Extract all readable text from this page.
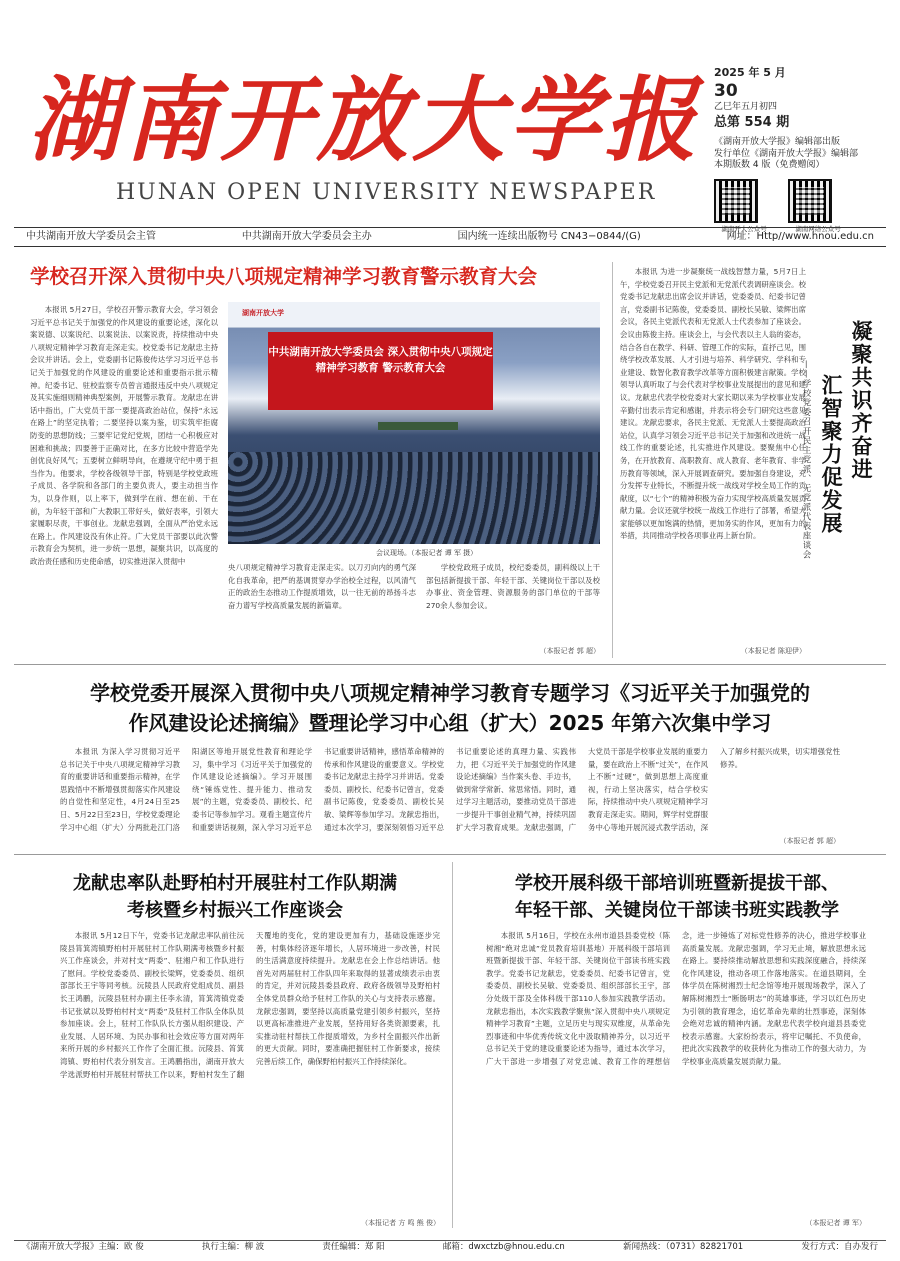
湖南开放大学报
HUNAN OPEN UNIVERSITY NEWSPAPER
2025 年 5 月
30
乙巳年五月初四
总第 554 期
《湖南开放大学报》编辑部出版
发行单位《湖南开放大学报》编辑部
本期版数 4 版（免费赠阅）
湖南开大公众号	湖南网络公众号
中共湖南开放大学委员会主管	中共湖南开放大学委员会主办	国内统一连续出版物号 CN43−0844/(G)	网址：Http//www.hnou.edu.cn
学校召开深入贯彻中央八项规定精神学习教育警示教育大会

本报讯 5月27日，学校召开警示教育大会，学习领会习近平总书记关于加强党的作风建设的重要论述，深化以案说德、以案说纪、以案说法、以案说责，持续推动中央八项规定精神学习教育走深走实。校党委书记龙献忠主持会议并讲话。会上，党委副书记陈俊传达学习习近平总书记关于加强党的作风建设的重要论述和重要指示批示精神。纪委书记、驻校监察专员曾言通报违反中央八项规定及其实施细则精神典型案例，开展警示教育。龙献忠在讲话中指出，广大党员干部一要提高政治站位，保持“永远在路上”的坚定执着；二要坚持以案为鉴，切实筑牢拒腐防变的思想防线；三要牢记党纪党规，团结一心积极应对困难和挑战；四要善于正确对比，在多方比较中营造学先创优良好风气；五要树立鲜明导向，在遵规守纪中勇于担当作为。他要求，学校各级领导干部，特别是学校党政班子成员、各学院和各部门的主要负责人，要主动担当作为，以身作则，以上率下，做到学在前、想在前、干在前，为年轻干部和广大教职工带好头，做好表率，引领大家履职尽责，干事创业。龙献忠强调，全面从严治党永远在路上。作风建设没有休止符。广大党员干部要以此次警示教育会为契机，进一步统一思想，凝聚共识，以高度的政治责任感和历史使命感，切实推进深入贯彻中

湖南开放大学
中共湖南开放大学委员会 深入贯彻中央八项规定精神学习教育 警示教育大会
会议现场。（本报记者 谭 军 摄）

央八项规定精神学习教育走深走实。以刀刃向内的勇气深化自我革命，把严的基调贯穿办学治校全过程，以风清气正的政治生态推动工作提质增效，以一往无前的昂扬斗志奋力谱写学校高质量发展的新篇章。

学校党政班子成员，校纪委委员，副科级以上干部包括新提拔干部、年轻干部、关键岗位干部以及校办事业、资金管理、资源服务的部门单位的干部等270余人参加会议。

（本报记者 郭 超）

本报讯 为进一步凝聚统一战线智慧力量，5月7日上午，学校党委召开民主党派和无党派代表调研座谈会。校党委书记龙献忠出席会议并讲话，党委委员、纪委书记曾言，党委副书记陈俊，党委委员、副校长吴敏、梁辉出席会议，各民主党派代表和无党派人士代表参加了座谈会。会议由陈俊主持。座谈会上，与会代表以主人翁的姿态，结合各自在教学、科研、管理工作的实际，直抒己见，围绕学校改革发展、人才引进与培养、科学研究、学科和专业建设、数智化教育教学改革等方面积极建言献策。学校领导认真听取了与会代表对学校事业发展提出的意见和建议。龙献忠代表学校党委对大家长期以来为学校事业发展辛勤付出表示肯定和感谢，并表示将会专门研究这些意见建议。龙献忠要求，各民主党派、无党派人士要提高政治站位，认真学习领会习近平总书记关于加强和改进统一战线工作的重要论述，扎实推进作风建设。要聚焦中心任务，在开放教育、高职教育、成人教育、老年教育、非学历教育等领域，深入开展调查研究。要加强自身建设，充分发挥专业特长，不断提升统一战线对学校全局工作的贡献度，以“七个”的精神积极为奋力实现学校高质量发展贡献力量。会议还就学校统一战线工作进行了部署，希望大家能够以更加饱满的热情，更加务实的作风，更加有力的举措，共同推动学校各项事业再上新台阶。

凝聚共识齐奋进
汇智聚力促发展
——学校党委召开民主党派、无党派代表座谈会
（本报记者 陈迎伊）
学校党委开展深入贯彻中央八项规定精神学习教育专题学习《习近平关于加强党的
作风建设论述摘编》暨理论学习中心组（扩大）2025 年第六次集中学习

本报讯 为深入学习贯彻习近平总书记关于中央八项规定精神学习教育的重要讲话和重要指示精神，在学思践悟中不断增强贯彻落实作风建设的自觉性和坚定性，4月24日至25日、5月22日至23日，学校党委理论学习中心组（扩大）分两批赴江门洛阳湖区等地开展党性教育和理论学习，集中学习《习近平关于加强党的作风建设论述摘编》。学习开展围绕“锤炼党性、提升能力、推动发展”的主题，党委委员、副校长、纪委书记等参加学习。观看主题宣传片和重要讲话视频，深入学习习近平总书记重要讲话精神，感悟革命精神的传承和作风建设的重要意义。学校党委书记龙献忠主持学习并讲话。党委委员、副校长、纪委书记曾言，党委副书记陈俊，党委委员、副校长吴敏、梁辉等参加学习。龙献忠指出，通过本次学习，要深刻领悟习近平总书记重要论述的真理力量、实践伟力，把《习近平关于加强党的作风建设论述摘编》当作案头卷、手边书，做到常学常新、常思常悟。同时，通过学习主题活动，要推动党员干部进一步提升干事创业精气神，持续巩固扩大学习教育成果。龙献忠强调，广大党员干部是学校事业发展的重要力量，要在政治上不断“过关”，在作风上不断“过硬”，做到思想上高度重视，行动上坚决落实，结合学校实际，持续推动中央八项规定精神学习教育走深走实。期间，辉学村党群服务中心等地开展沉浸式教学活动，深入了解乡村振兴成果，切实增强党性修养。

（本报记者 郭 超）
龙献忠率队赴野柏村开展驻村工作队期满
考核暨乡村振兴工作座谈会

本报讯 5月12日下午，党委书记龙献忠率队前往沅陵县筲箕湾镇野柏村开展驻村工作队期满考核暨乡村振兴工作座谈会，并对村支“两委”、驻湘户和工作队进行了慰问。学校党委委员、副校长梁辉，党委委员、组织部部长王宇等同考核。沅陵县人民政府党组成员、副县长王鸿鹏，沅陵县驻村办副主任李永清，筲箕湾镇党委书记张斌以及野柏村村支“两委”及驻村工作队全体队员参加座谈。会上，驻村工作队队长方强从组织建设、产业发展、人居环境、为民办事和社会效应等方面对两年来所开展的乡村振兴工作作了全面汇报。沅陵县、筲箕湾镇、野柏村代表分别发言。王鸿鹏指出，湖南开放大学选派野柏村开展驻村帮扶工作以来，野柏村发生了翻天覆地的变化，党的建设更加有力，基础设施逐步完善，村集体经济逐年增长，人居环境进一步改善，村民的生活满意度持续提升。龙献忠在会上作总结讲话。他首先对两届驻村工作队四年来取得的显著成绩表示由衷的肯定，并对沅陵县委县政府、政府各级领导及野柏村全体党员群众给予驻村工作队的关心与支持表示感谢。龙献忠强调，要坚持以高质量党建引领乡村振兴，坚持以更高标准推进产业发展，坚持用好各类资源要素，扎实推动驻村帮扶工作提质增效，为乡村全面振兴作出新的更大贡献。同时，要准确把握驻村工作新要求，接续完善后续工作，确保野柏村振兴工作持续深化。

（本报记者 方 鸣 熊 俊）
学校开展科级干部培训班暨新提拔干部、
年轻干部、关键岗位干部读书班实践教学

本报讯 5月16日，学校在永州市道县县委党校（陈树湘“绝对忠诚”党员教育培训基地）开展科级干部培训班暨新提拔干部、年轻干部、关键岗位干部读书班实践教学。党委书记龙献忠，党委委员、纪委书记曾言，党委委员、副校长吴敏、党委委员、组织部部长王宇，部分处级干部及全体科级干部110人参加实践教学活动。龙献忠指出，本次实践教学聚焦“深入贯彻中央八项规定精神学习教育”主题，立足历史与现实双维度，从革命先烈事迹和中华优秀传统文化中汲取精神养分，以习近平总书记关于党的建设重要论述为指导，通过本次学习，广大干部进一步增强了对党忠诚、教育工作的理想信念，进一步锤炼了对标党性修养的决心，推进学校事业高质量发展。龙献忠强调，学习无止境，解放思想永远在路上。要持续推动解放思想和实践深度融合，持续深化作风建设，推动各项工作落地落实。在道县期间，全体学员在陈树湘烈士纪念馆等地开展现场教学，深入了解陈树湘烈士“断肠明志”的英雄事迹，学习以红色历史为引领的教育理念，追忆革命先辈的壮烈事迹，深刻体会绝对忠诚的精神内涵。龙献忠代表学校向道县县委党校表示感谢。大家纷纷表示，将牢记嘱托、不负使命，把此次实践教学的收获转化为推动工作的强大动力，为学校事业高质量发展贡献力量。

（本报记者 谭 军）
《湖南开放大学报》主编：欧 俊	执行主编：柳 波	责任编辑：郑 阳	邮箱：dwxctzb@hnou.edu.cn	新闻热线：（0731）82821701	发行方式：自办发行
